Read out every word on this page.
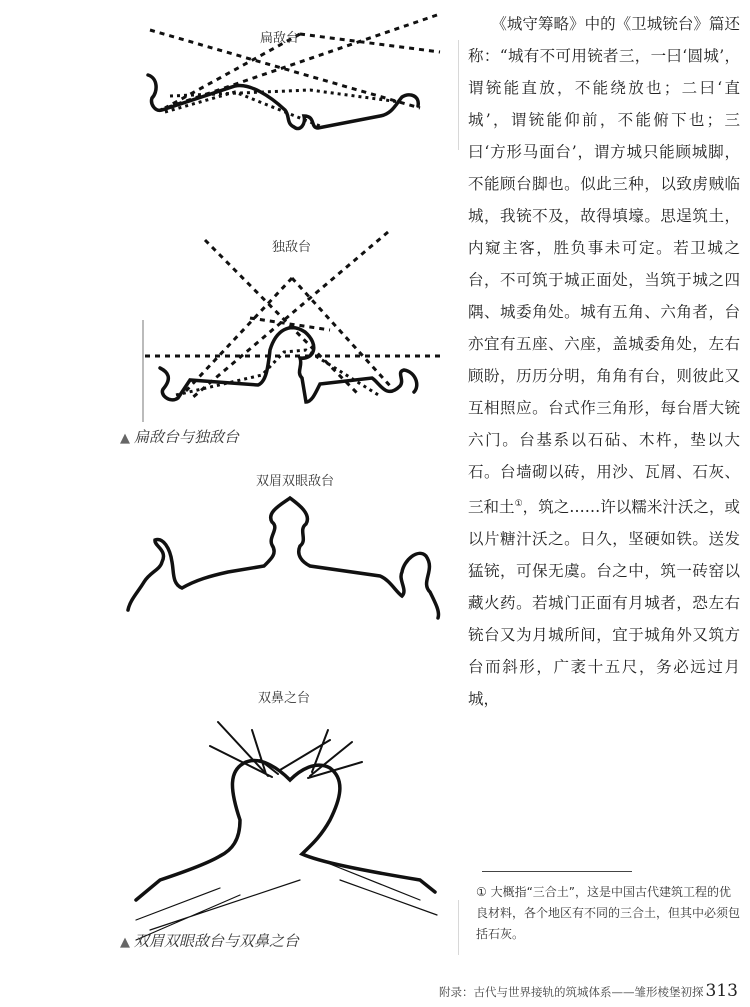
扁敌台
独敌台
▲ 扁敌台与独敌台
双眉双眼敌台
双鼻之台
▲ 双眉双眼敌台与双鼻之台

　　《城守筹略》中的《卫城铳台》篇还称：“城有不可用铳者三，一曰‘圆城’，谓铳能直放，不能绕放也；二曰‘直城’，谓铳能仰前，不能俯下也；三曰‘方形马面台’，谓方城只能顾城脚，不能顾台脚也。似此三种，以致虏贼临城，我铳不及，故得填壕。思逞筑土，内窥主客，胜负事未可定。若卫城之台，不可筑于城正面处，当筑于城之四隅、城委角处。城有五角、六角者，台亦宜有五座、六座，盖城委角处，左右顾盼，历历分明，角角有台，则彼此又互相照应。台式作三角形，每台厝大铳六门。台基系以石砧、木杵，垫以大石。台墙砌以砖，用沙、瓦屑、石灰、三和土①，筑之……许以糯米汁沃之，或以片糖汁沃之。日久，坚硬如铁。送发猛铳，可保无虞。台之中，筑一砖窑以藏火药。若城门正面有月城者，恐左右铳台又为月城所间，宜于城角外又筑方台而斜形，广袤十五尺，务必远过月城，

① 大概指“三合土”，这是中国古代建筑工程的优良材料，各个地区有不同的三合土，但其中必须包括石灰。
附录：古代与世界接轨的筑城体系——雏形棱堡初探 313
